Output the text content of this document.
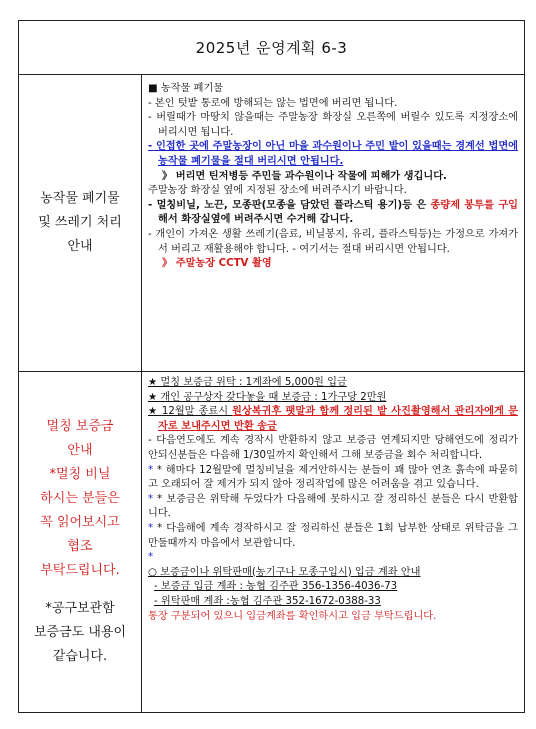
2025년 운영계획 6-3
농작물 폐기물
및 쓰레기 처리
안내

■ 농작물 폐기물

- 본인 텃밭 통로에 방해되는 않는 법면에 버리면 됩니다.

- 버릴때가 마땅치 않을때는 주말농장 화장실 오른쪽에 버릴수 있도록 지정장소에 버리시면 됩니다.

- 인접한 곳에 주말농장이 아닌 마을 과수원이나 주민 밭이 있을때는 경계선 법면에 농작물 폐기물을 절대 버리시면 안됩니다.

》 버리면 틴저병등 주민들 과수원이나 작물에 피해가 생깁니다.

주말농장 화장실 옆에 지정된 장소에 버려주시기 바랍니다.

- 멀칭비닐, 노끈, 모종판(모종을 담았던 플라스틱 용기)등 은 종량제 봉투를 구입해서 화장실옆에 버려주시면 수거해 갑니다.

- 개인이 가져온 생활 쓰레기(음료, 비닐봉지, 유리, 플라스틱등)는 가정으로 가져가서 버리고 재활용해야 합니다. - 여기서는 절대 버리시면 안됩니다.

》 주말농장 CCTV 촬영

멀칭 보증금
안내
*멀칭 비닐
하시는 분들은
꼭 읽어보시고
협조
부탁드립니다.
*공구보관함
보증금도 내용이
같습니다.

★ 멀칭 보증금 위탁 : 1계좌에 5,000원 입금

★ 개인 공구상자 갖다놓을 때 보증금 : 1가구당 2만원

★ 12월말 종료시 원상복귀후 팻말과 함께 정리된 밭 사진촬영해서 관리자에게 문자로 보내주시면 반환 송금

- 다음연도에도 계속 경작시 반환하지 않고 보증금 연계되지만 당해연도에 정리가 안되신분들은 다음해 1/30일까지 확인해서 그해 보증금을 회수 처리합니다.

* * 해마다 12월말에 멀칭비닐을 제거안하시는 분들이 꽤 많아 연초 흙속에 파묻히고 오래되어 잘 제거가 되지 않아 정리작업에 많은 어려움을 겪고 있습니다.

* * 보증금은 위탁해 두었다가 다음해에 못하시고 잘 정리하신 분들은 다시 반환합니다.

* * 다음해에 계속 경작하시고 잘 정리하신 분들은 1회 납부한 상태로 위탁금을 그만둘때까지 마음에서 보관합니다.

*

○ 보증금이나 위탁판매(농기구나 모종구입시) 입금 계좌 안내

- 보증금 입금 계좌 : 농협 김주관 356-1356-4036-73

- 위탁판매 계좌 :농협 김주관 352-1672-0388-33

통장 구분되어 있으니 입금계좌를 확인하시고 입금 부탁드립니다.
